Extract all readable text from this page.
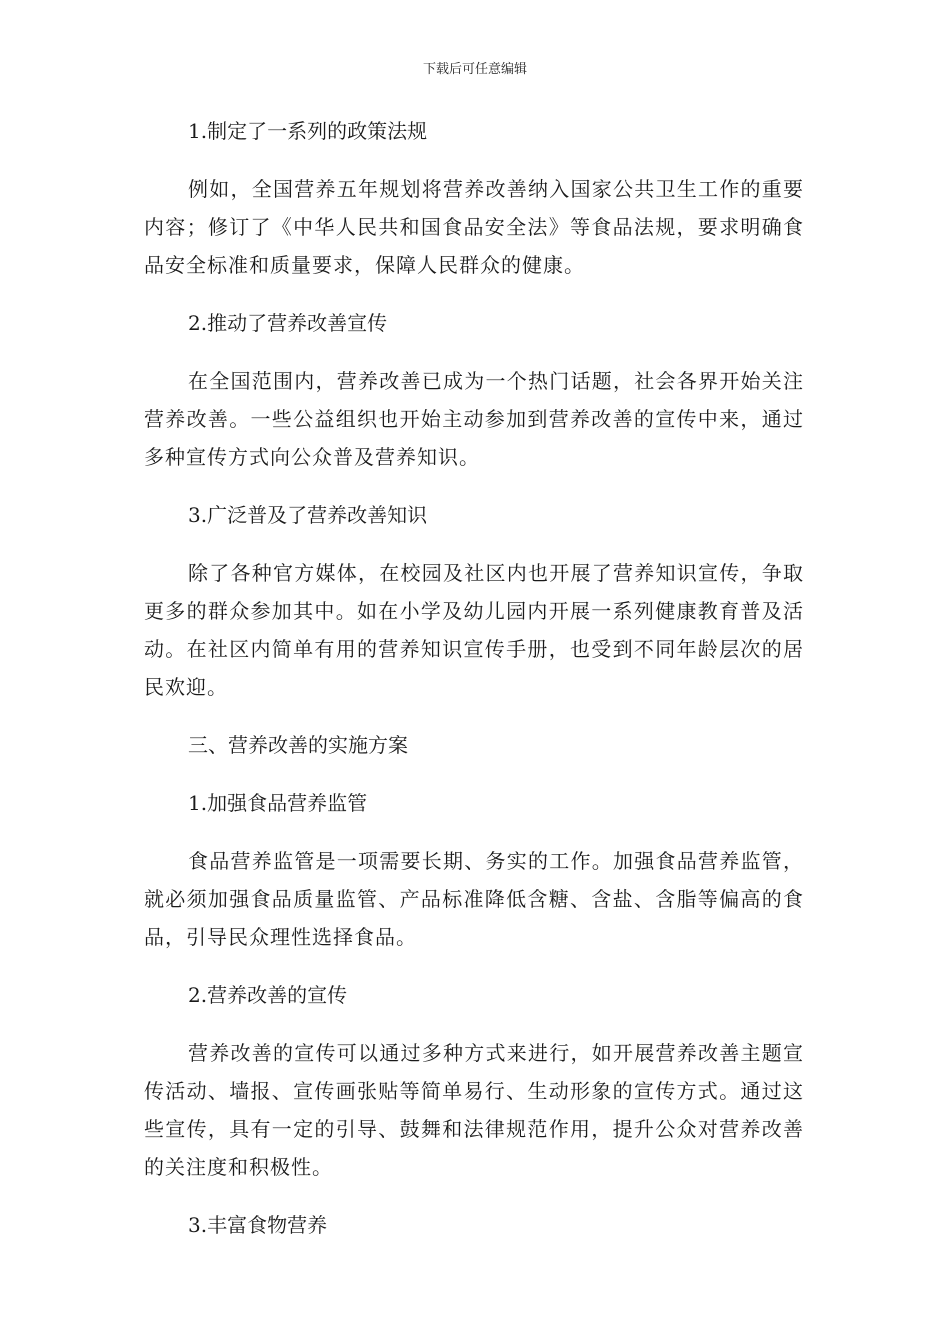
下载后可任意编辑

1.制定了一系列的政策法规

例如，全国营养五年规划将营养改善纳入国家公共卫生工作的重要内容；修订了《中华人民共和国食品安全法》等食品法规，要求明确食品安全标准和质量要求，保障人民群众的健康。

2.推动了营养改善宣传

在全国范围内，营养改善已成为一个热门话题，社会各界开始关注营养改善。一些公益组织也开始主动参加到营养改善的宣传中来，通过多种宣传方式向公众普及营养知识。

3.广泛普及了营养改善知识

除了各种官方媒体，在校园及社区内也开展了营养知识宣传，争取更多的群众参加其中。如在小学及幼儿园内开展一系列健康教育普及活动。在社区内简单有用的营养知识宣传手册，也受到不同年龄层次的居民欢迎。

三、营养改善的实施方案

1.加强食品营养监管

食品营养监管是一项需要长期、务实的工作。加强食品营养监管，就必须加强食品质量监管、产品标准降低含糖、含盐、含脂等偏高的食品，引导民众理性选择食品。

2.营养改善的宣传

营养改善的宣传可以通过多种方式来进行，如开展营养改善主题宣传活动、墙报、宣传画张贴等简单易行、生动形象的宣传方式。通过这些宣传，具有一定的引导、鼓舞和法律规范作用，提升公众对营养改善的关注度和积极性。

3.丰富食物营养
